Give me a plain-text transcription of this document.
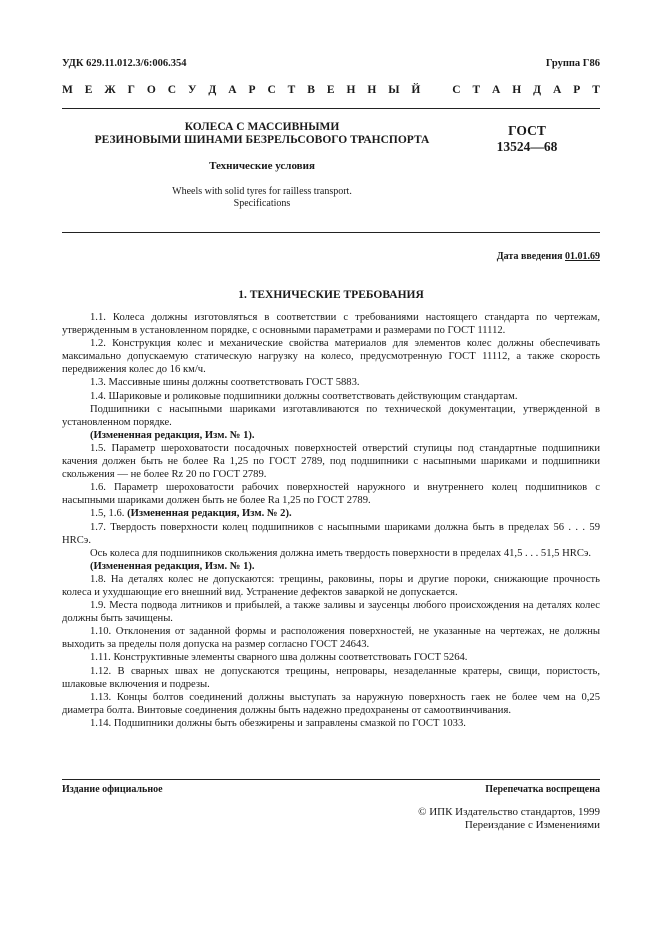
УДК 629.11.012.3/6:006.354	Группа Г86
М Е Ж Г О С У Д А Р С Т В Е Н Н Ы Й	С Т А Н Д А Р Т
КОЛЕСА С МАССИВНЫМИ
РЕЗИНОВЫМИ ШИНАМИ БЕЗРЕЛЬСОВОГО ТРАНСПОРТА
Технические условия
Wheels with solid tyres for railless transport.
Specifications
ГОСТ
13524—68
Дата введения 01.01.69
1. ТЕХНИЧЕСКИЕ ТРЕБОВАНИЯ

1.1. Колеса должны изготовляться в соответствии с требованиями настоящего стандарта по чертежам, утвержденным в установленном порядке, с основными параметрами и размерами по ГОСТ 11112.

1.2. Конструкция колес и механические свойства материалов для элементов колес должны обеспечивать максимально допускаемую статическую нагрузку на колесо, предусмотренную ГОСТ 11112, а также скорость передвижения колес до 16 км/ч.

1.3. Массивные шины должны соответствовать ГОСТ 5883.

1.4. Шариковые и роликовые подшипники должны соответствовать действующим стандартам.

Подшипники с насыпными шариками изготавливаются по технической документации, утвержденной в установленном порядке.

(Измененная редакция, Изм. № 1).

1.5. Параметр шероховатости посадочных поверхностей отверстий ступицы под стандартные подшипники качения должен быть не более Ra 1,25 по ГОСТ 2789, под подшипники с насыпными шариками и подшипники скольжения — не более Rz 20 по ГОСТ 2789.

1.6. Параметр шероховатости рабочих поверхностей наружного и внутреннего колец подшипников с насыпными шариками должен быть не более Ra 1,25 по ГОСТ 2789.

1.5, 1.6. (Измененная редакция, Изм. № 2).

1.7. Твердость поверхности колец подшипников с насыпными шариками должна быть в пределах 56 . . . 59 HRCэ.

Ось колеса для подшипников скольжения должна иметь твердость поверхности в пределах 41,5 . . . 51,5 HRCэ.

(Измененная редакция, Изм. № 1).

1.8. На деталях колес не допускаются: трещины, раковины, поры и другие пороки, снижающие прочность колеса и ухудшающие его внешний вид. Устранение дефектов заваркой не допускается.

1.9. Места подвода литников и прибылей, а также заливы и заусенцы любого происхождения на деталях колес должны быть зачищены.

1.10. Отклонения от заданной формы и расположения поверхностей, не указанные на чертежах, не должны выходить за пределы поля допуска на размер согласно ГОСТ 24643.

1.11. Конструктивные элементы сварного шва должны соответствовать ГОСТ 5264.

1.12. В сварных швах не допускаются трещины, непровары, незаделанные кратеры, свищи, пористость, шлаковые включения и подрезы.

1.13. Концы болтов соединений должны выступать за наружную поверхность гаек не более чем на 0,25 диаметра болта. Винтовые соединения должны быть надежно предохранены от самоотвинчивания.

1.14. Подшипники должны быть обезжирены и заправлены смазкой по ГОСТ 1033.

Издание официальное	Перепечатка воспрещена
© ИПК Издательство стандартов, 1999
Переиздание с Изменениями
